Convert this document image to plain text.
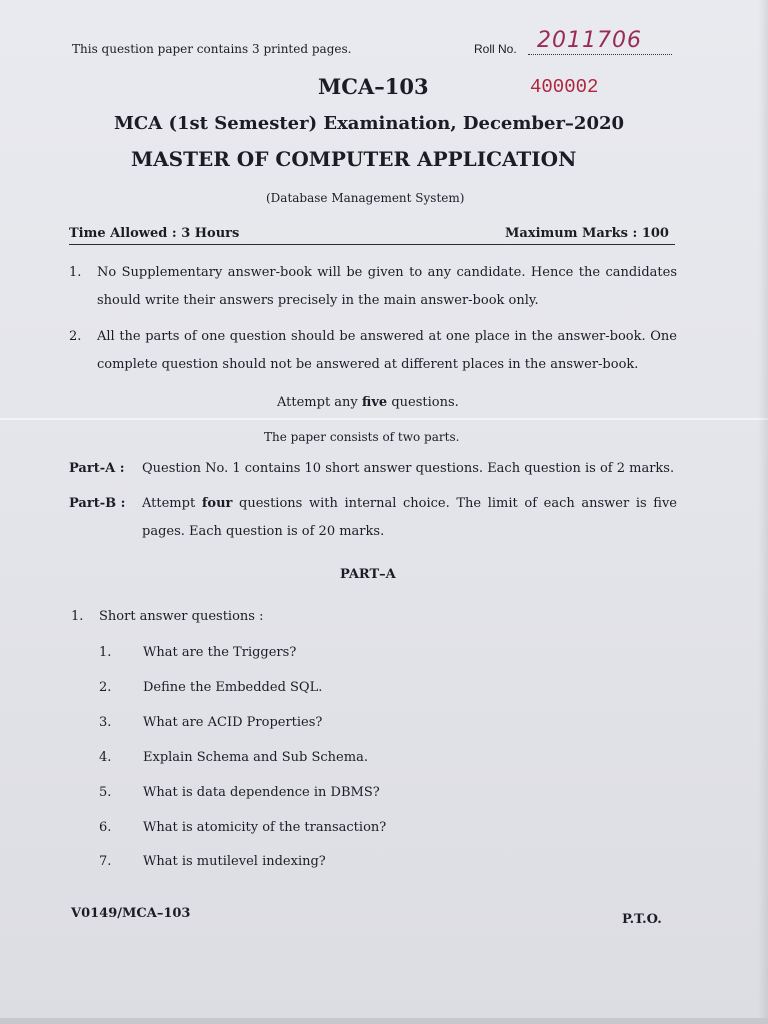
This question paper contains 3 printed pages.	Roll No. 2011706
MCA–103	400002
MCA (1st Semester) Examination, December–2020
MASTER OF COMPUTER APPLICATION
(Database Management System)
Time Allowed : 3 Hours	Maximum Marks : 100
1. No Supplementary answer-book will be given to any candidate. Hence the candidates should write their answers precisely in the main answer-book only.
2. All the parts of one question should be answered at one place in the answer-book. One complete question should not be answered at different places in the answer-book.
Attempt any five questions.
The paper consists of two parts.
Part-A : Question No. 1 contains 10 short answer questions. Each question is of 2 marks.
Part-B : Attempt four questions with internal choice. The limit of each answer is five pages. Each question is of 20 marks.
PART–A
1. Short answer questions :
1. What are the Triggers?
2. Define the Embedded SQL.
3. What are ACID Properties?
4. Explain Schema and Sub Schema.
5. What is data dependence in DBMS?
6. What is atomicity of the transaction?
7. What is mutilevel indexing?
V0149/MCA–103	P.T.O.
